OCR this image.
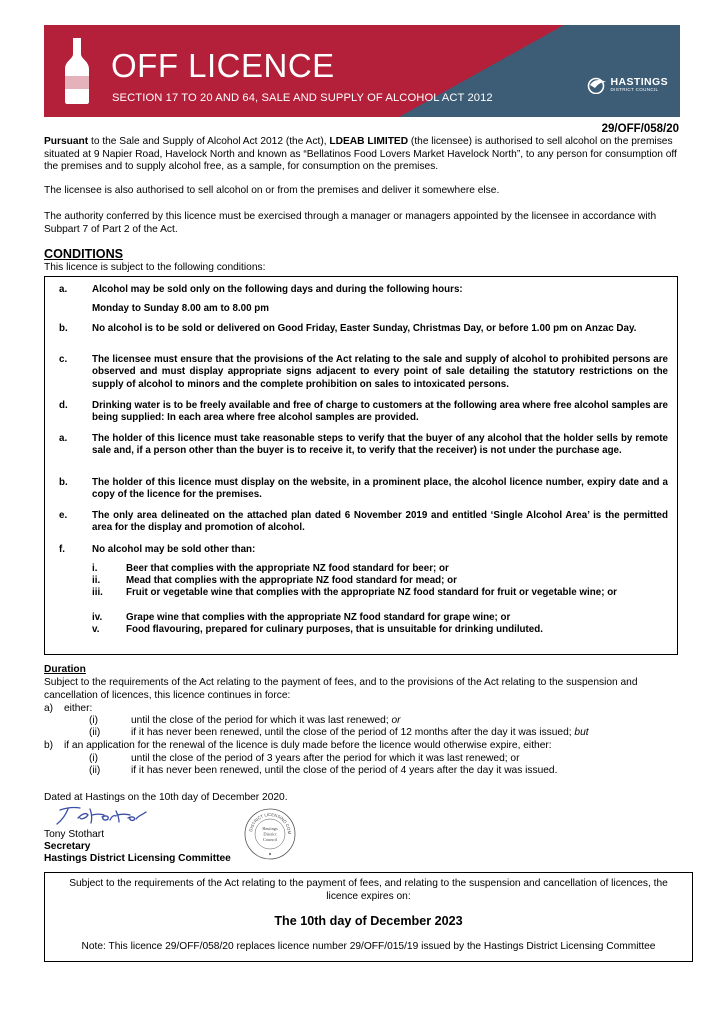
OFF LICENCE
SECTION 17 TO 20 AND 64, SALE AND SUPPLY OF ALCOHOL ACT 2012
HASTINGS
DISTRICT COUNCIL
29/OFF/058/20
Pursuant to the Sale and Supply of Alcohol Act 2012 (the Act), LDEAB LIMITED (the licensee) is authorised to sell alcohol on the premises situated at 9 Napier Road, Havelock North and known as “Bellatinos Food Lovers Market Havelock North”, to any person for consumption off the premises and to supply alcohol free, as a sample, for consumption on the premises.
The licensee is also authorised to sell alcohol on or from the premises and deliver it somewhere else.
The authority conferred by this licence must be exercised through a manager or managers appointed by the licensee in accordance with Subpart 7 of Part 2 of the Act.
CONDITIONS
This licence is subject to the following conditions:
a.	Alcohol may be sold only on the following days and during the following hours:
Monday to Sunday 8.00 am to 8.00 pm
b. No alcohol is to be sold or delivered on Good Friday, Easter Sunday, Christmas Day, or before 1.00 pm on Anzac Day.
c.	The licensee must ensure that the provisions of the Act relating to the sale and supply of alcohol to prohibited persons are observed and must display appropriate signs adjacent to every point of sale detailing the statutory restrictions on the supply of alcohol to minors and the complete prohibition on sales to intoxicated persons.
d. Drinking water is to be freely available and free of charge to customers at the following area where free alcohol samples are being supplied: In each area where free alcohol samples are provided.
a.	The holder of this licence must take reasonable steps to verify that the buyer of any alcohol that the holder sells by remote sale and, if a person other than the buyer is to receive it, to verify that the receiver) is not under the purchase age.
b. The holder of this licence must display on the website, in a prominent place, the alcohol licence number, expiry date and a copy of the licence for the premises.
e.	The only area delineated on the attached plan dated 6 November 2019 and entitled ‘Single Alcohol Area’ is the permitted area for the display and promotion of alcohol.
f.	No alcohol may be sold other than:
i.	Beer that complies with the appropriate NZ food standard for beer; or
ii.	Mead that complies with the appropriate NZ food standard for mead; or
iii. Fruit or vegetable wine that complies with the appropriate NZ food standard for fruit or vegetable wine; or
iv. Grape wine that complies with the appropriate NZ food standard for grape wine; or
v.	Food flavouring, prepared for culinary purposes, that is unsuitable for drinking undiluted.
Duration
Subject to the requirements of the Act relating to the payment of fees, and to the provisions of the Act relating to the suspension and cancellation of licences, this licence continues in force:
a) either:
(i)	until the close of the period for which it was last renewed; or
(ii)	if it has never been renewed, until the close of the period of 12 months after the day it was issued; but
b) if an application for the renewal of the licence is duly made before the licence would otherwise expire, either:
(i)	until the close of the period of 3 years after the period for which it was last renewed; or
(ii)	if it has never been renewed, until the close of the period of 4 years after the day it was issued.
Dated at Hastings on the 10th day of December 2020.
DISTRICT LICENSING COM
Hastings
District
Council
Tony Stothart
Secretary
Hastings District Licensing Committee
Subject to the requirements of the Act relating to the payment of fees, and relating to the suspension and cancellation of licences, the licence expires on:
The 10th day of December 2023
Note: This licence 29/OFF/058/20 replaces licence number 29/OFF/015/19 issued by the Hastings District Licensing Committee
